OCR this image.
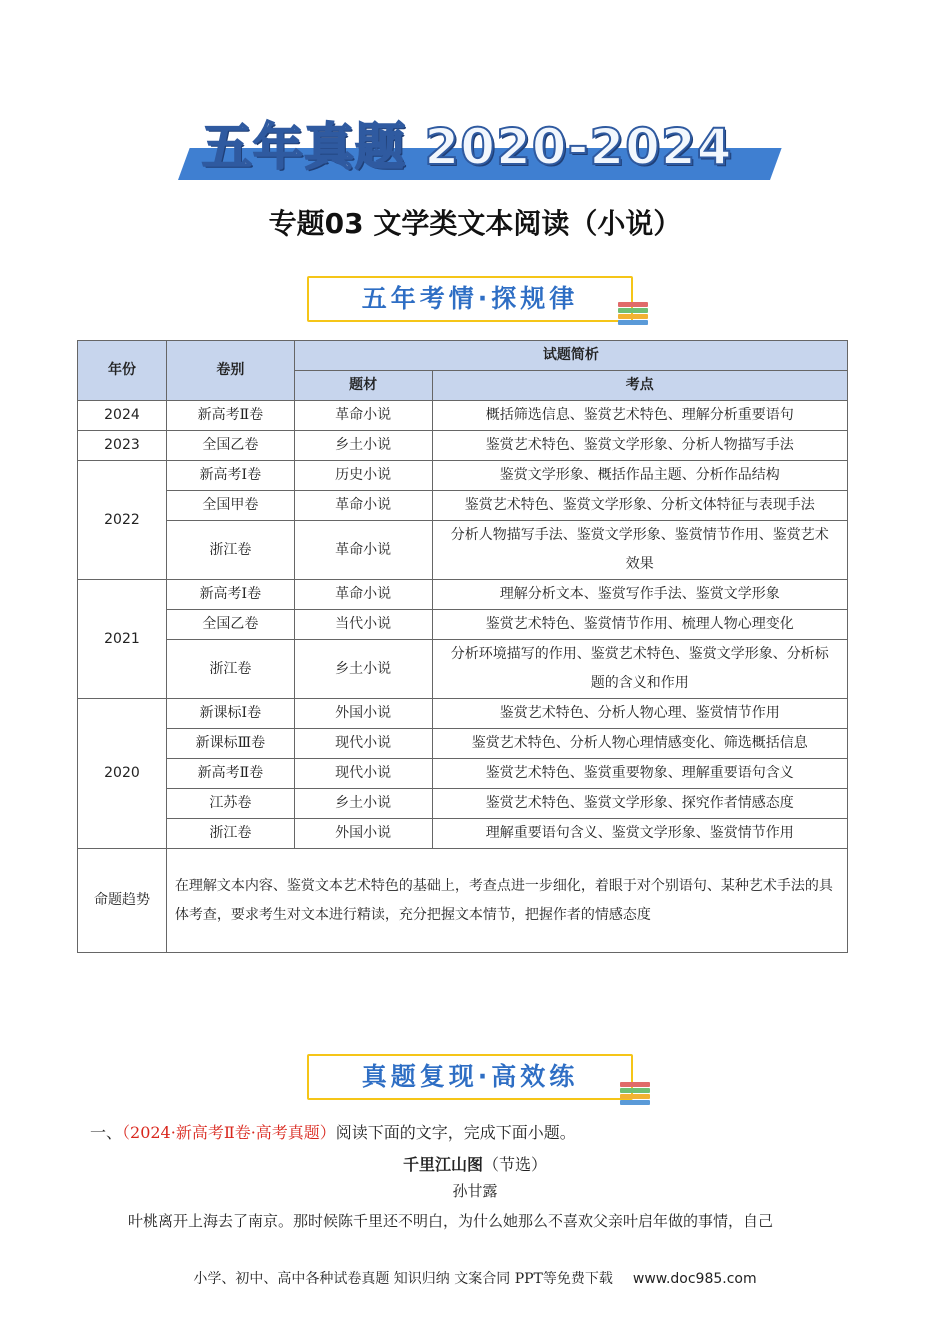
五年真题 2020-2024
专题03 文学类文本阅读（小说）
五年考情·探规律
年份	卷别	试题简析	
		题材	考点
2024	新高考Ⅱ卷	革命小说	概括筛选信息、鉴赏艺术特色、理解分析重要语句
2023	全国乙卷	乡土小说	鉴赏艺术特色、鉴赏文学形象、分析人物描写手法
2022	新高考Ⅰ卷	历史小说	鉴赏文学形象、概括作品主题、分析作品结构
	全国甲卷	革命小说	鉴赏艺术特色、鉴赏文学形象、分析文体特征与表现手法
	浙江卷	革命小说	分析人物描写手法、鉴赏文学形象、鉴赏情节作用、鉴赏艺术效果
2021	新高考Ⅰ卷	革命小说	理解分析文本、鉴赏写作手法、鉴赏文学形象
	全国乙卷	当代小说	鉴赏艺术特色、鉴赏情节作用、梳理人物心理变化
	浙江卷	乡土小说	分析环境描写的作用、鉴赏艺术特色、鉴赏文学形象、分析标题的含义和作用
2020	新课标Ⅰ卷	外国小说	鉴赏艺术特色、分析人物心理、鉴赏情节作用
	新课标Ⅲ卷	现代小说	鉴赏艺术特色、分析人物心理情感变化、筛选概括信息
	新高考Ⅱ卷	现代小说	鉴赏艺术特色、鉴赏重要物象、理解重要语句含义
	江苏卷	乡土小说	鉴赏艺术特色、鉴赏文学形象、探究作者情感态度
	浙江卷	外国小说	理解重要语句含义、鉴赏文学形象、鉴赏情节作用
命题趋势	在理解文本内容、鉴赏文本艺术特色的基础上，考查点进一步细化，着眼于对个别语句、某种艺术手法的具体考查，要求考生对文本进行精读，充分把握文本情节，把握作者的情感态度		
真题复现·高效练
一、（2024·新高考Ⅱ卷·高考真题）阅读下面的文字，完成下面小题。
千里江山图（节选）
孙甘露
叶桃离开上海去了南京。那时候陈千里还不明白，为什么她那么不喜欢父亲叶启年做的事情，自己
小学、初中、高中各种试卷真题 知识归纳 文案合同 PPT等免费下载 www.doc985.com
